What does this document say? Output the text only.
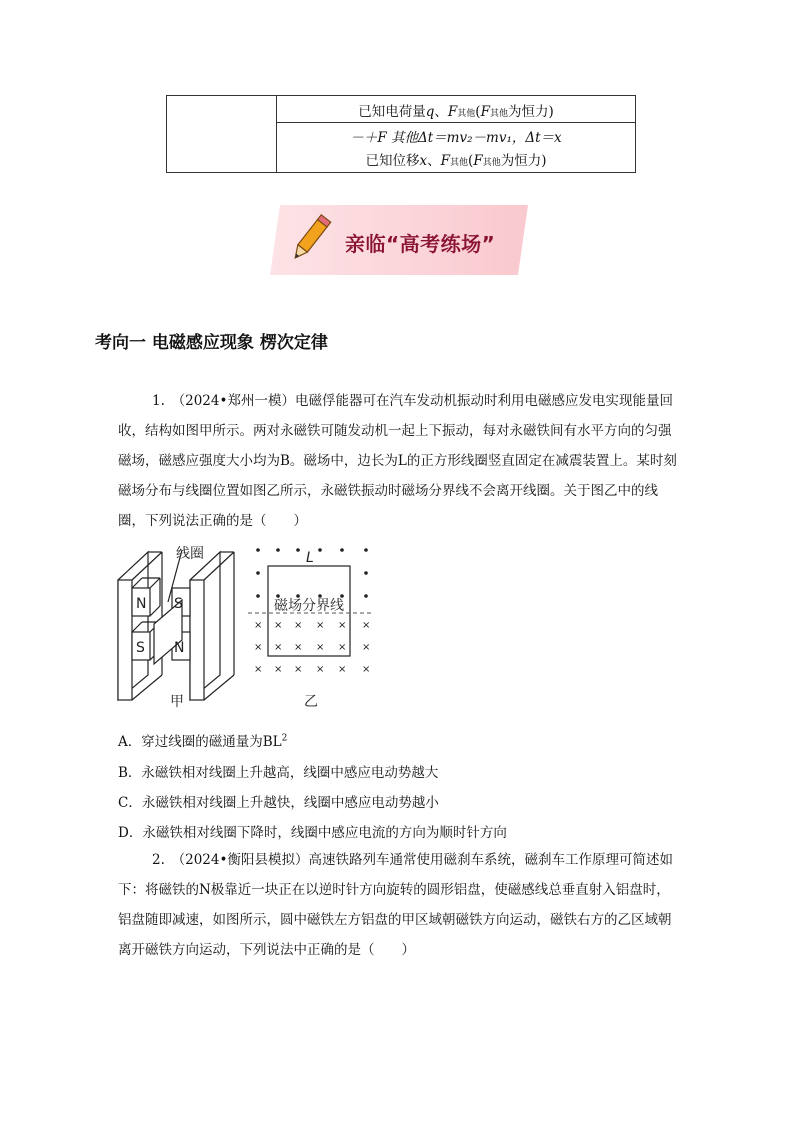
已知电荷量q、F其他(F其他为恒力)
－＋F 其他Δt＝mv₂－mv₁，Δt＝x
已知位移x、F其他(F其他为恒力)
亲临“高考练场”
考向一 电磁感应现象 楞次定律
1.　（2024•郑州一模）电磁俘能器可在汽车发动机振动时利用电磁感应发电实现能量回收，结构如图甲所示。两对永磁铁可随发动机一起上下振动，每对永磁铁间有水平方向的匀强磁场，磁感应强度大小均为B。磁场中，边长为L的正方形线圈竖直固定在减震装置上。某时刻磁场分布与线圈位置如图乙所示，永磁铁振动时磁场分界线不会离开线圈。关于图乙中的线圈，下列说法正确的是（　　）
N
S
S
N
线圈
甲
× × × × × ×
× × × × × ×
× × × × × ×
L
磁场分界线
乙
A．穿过线圈的磁通量为$BL^2$
B．永磁铁相对线圈上升越高，线圈中感应电动势越大
C．永磁铁相对线圈上升越快，线圈中感应电动势越小
D．永磁铁相对线圈下降时，线圈中感应电流的方向为顺时针方向
2.　（2024•衡阳县模拟）高速铁路列车通常使用磁刹车系统，磁刹车工作原理可简述如下：将磁铁的N极靠近一块正在以逆时针方向旋转的圆形铝盘，使磁感线总垂直射入铝盘时，铝盘随即减速，如图所示，圆中磁铁左方铝盘的甲区域朝磁铁方向运动，磁铁右方的乙区域朝离开磁铁方向运动，下列说法中正确的是（　　）
